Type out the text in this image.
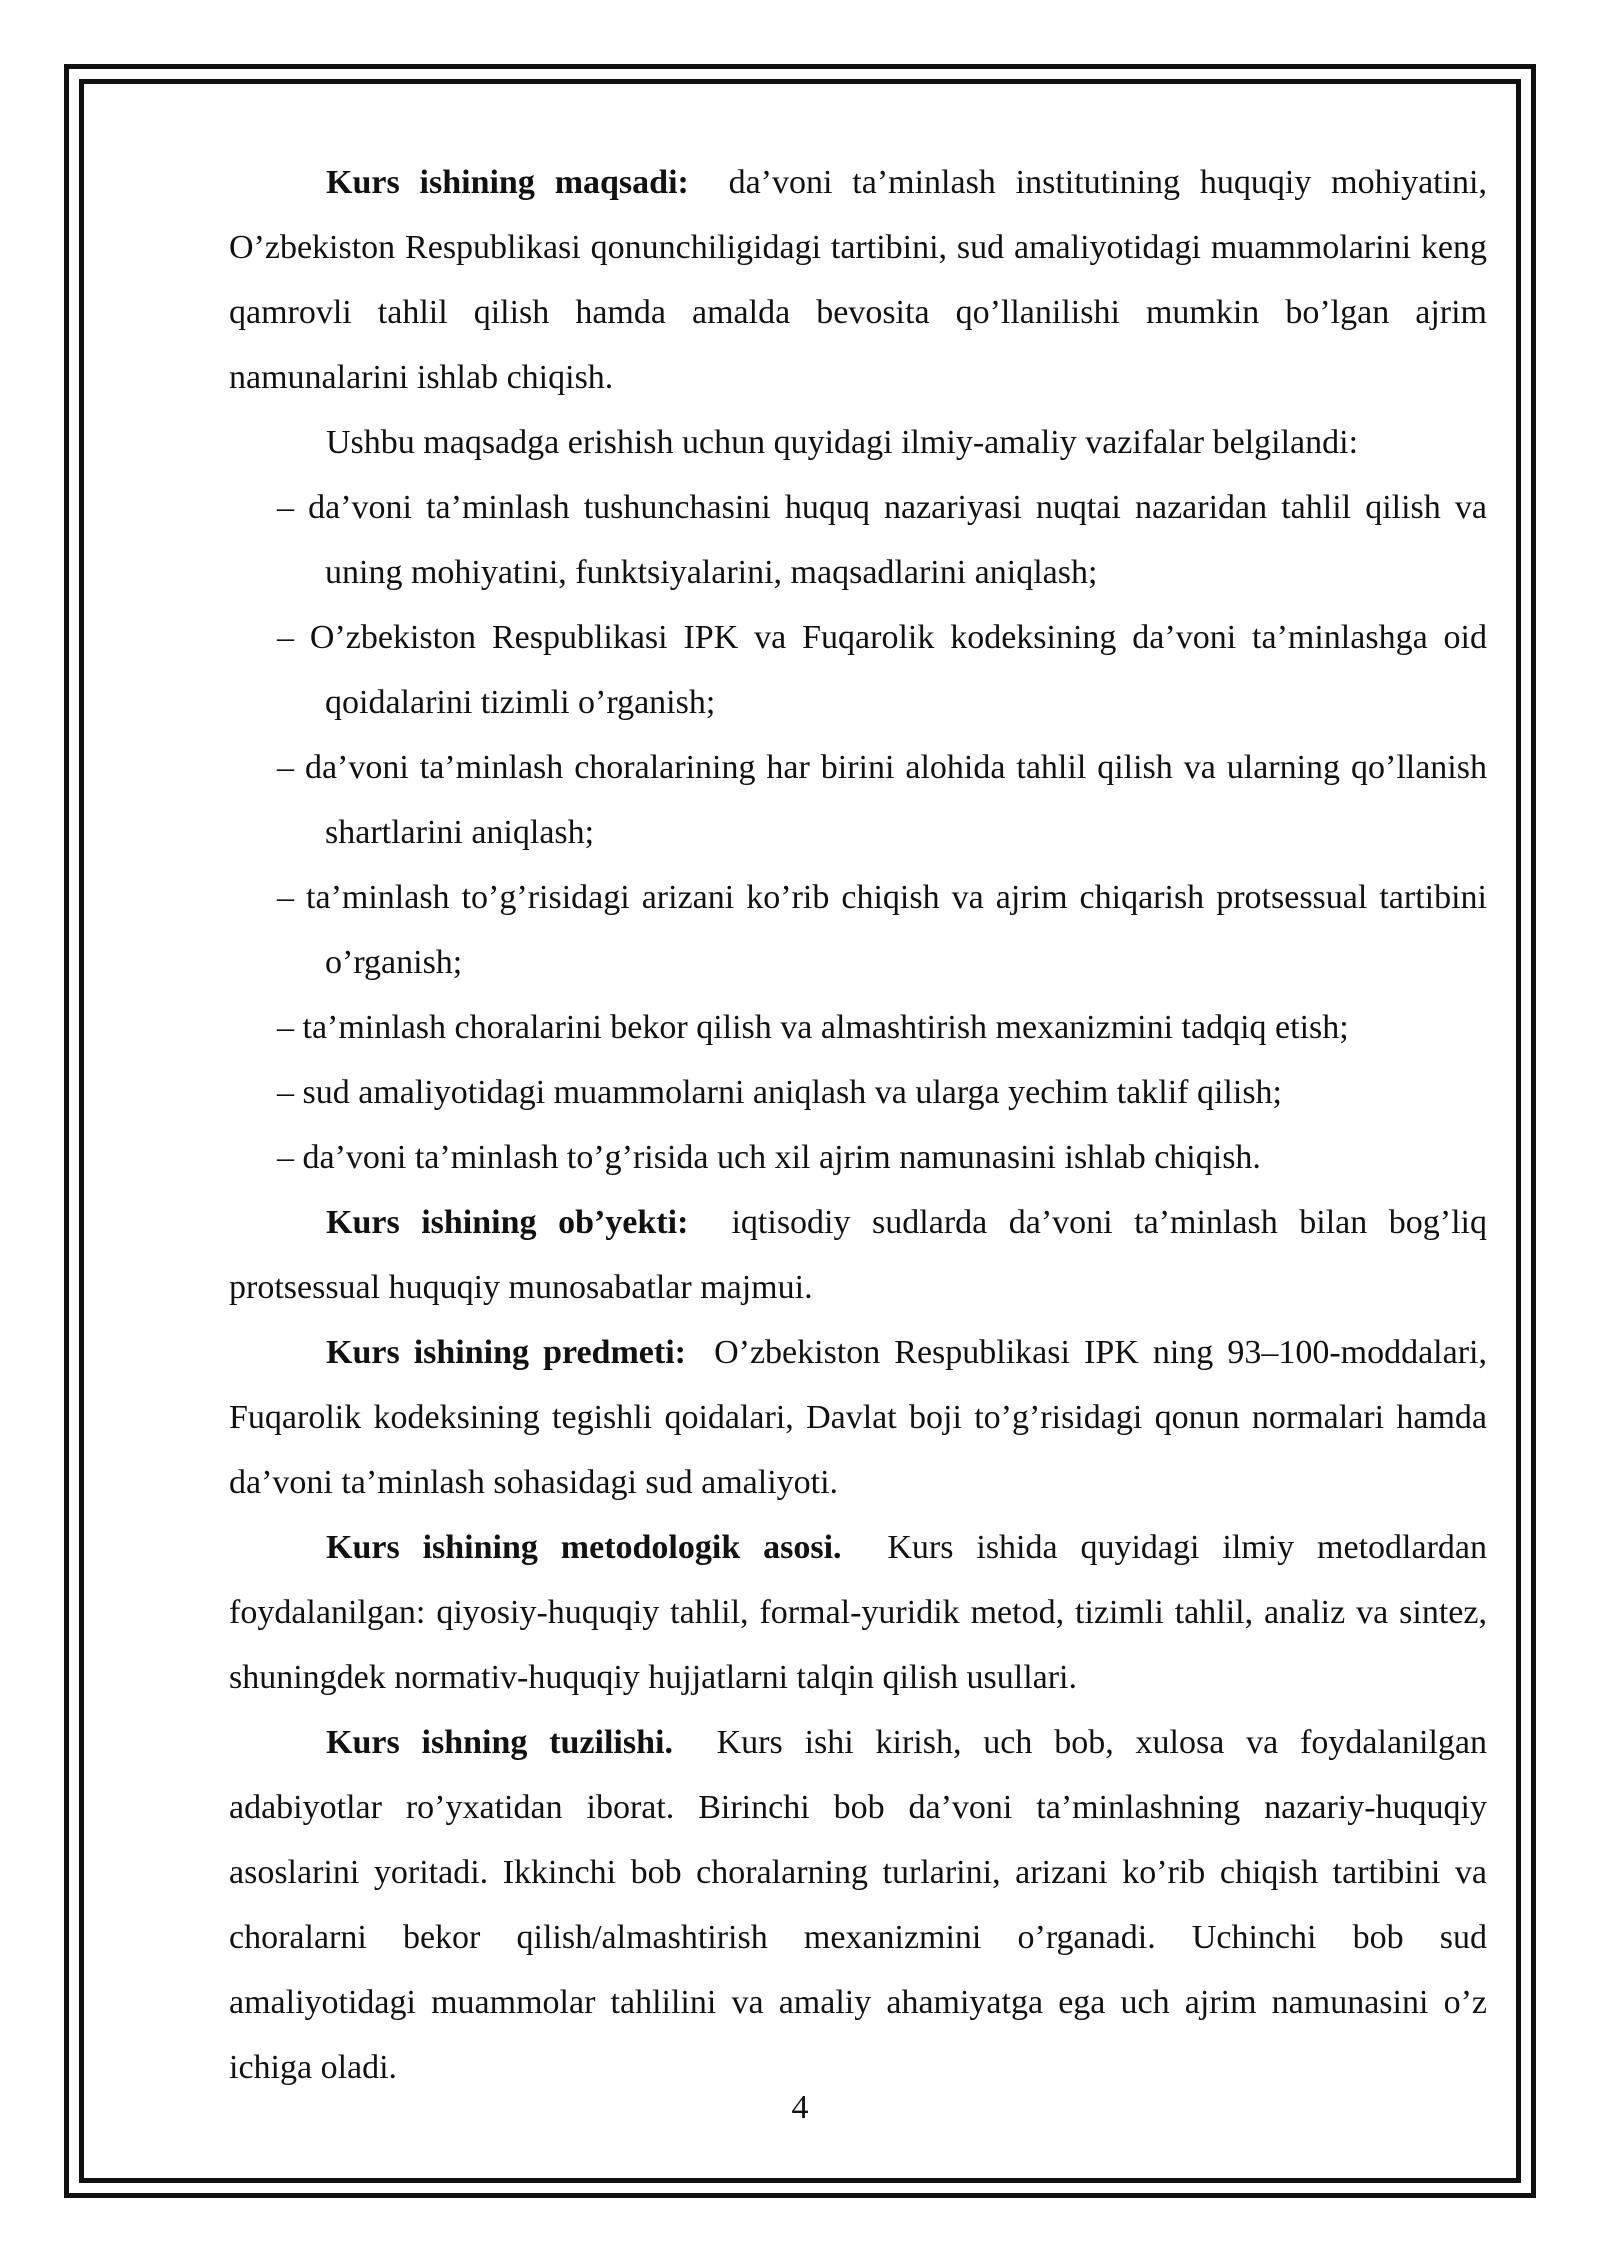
Kurs ishining maqsadi: da’voni ta’minlash institutining huquqiy mohiyatini, O’zbekiston Respublikasi qonunchiligidagi tartibini, sud amaliyotidagi muammolarini keng qamrovli tahlil qilish hamda amalda bevosita qo’llanilishi mumkin bo’lgan ajrim namunalarini ishlab chiqish.

Ushbu maqsadga erishish uchun quyidagi ilmiy-amaliy vazifalar belgilandi:

– da’voni ta’minlash tushunchasini huquq nazariyasi nuqtai nazaridan tahlil qilish va uning mohiyatini, funktsiyalarini, maqsadlarini aniqlash;
– O’zbekiston Respublikasi IPK va Fuqarolik kodeksining da’voni ta’minlashga oid qoidalarini tizimli o’rganish;
– da’voni ta’minlash choralarining har birini alohida tahlil qilish va ularning qo’llanish shartlarini aniqlash;
– ta’minlash to’g’risidagi arizani ko’rib chiqish va ajrim chiqarish protsessual tartibini o’rganish;
– ta’minlash choralarini bekor qilish va almashtirish mexanizmini tadqiq etish;
– sud amaliyotidagi muammolarni aniqlash va ularga yechim taklif qilish;
– da’voni ta’minlash to’g’risida uch xil ajrim namunasini ishlab chiqish.

Kurs ishining ob’yekti: iqtisodiy sudlarda da’voni ta’minlash bilan bog’liq protsessual huquqiy munosabatlar majmui.

Kurs ishining predmeti: O’zbekiston Respublikasi IPK ning 93–100-moddalari, Fuqarolik kodeksining tegishli qoidalari, Davlat boji to’g’risidagi qonun normalari hamda da’voni ta’minlash sohasidagi sud amaliyoti.

Kurs ishining metodologik asosi. Kurs ishida quyidagi ilmiy metodlardan foydalanilgan: qiyosiy-huquqiy tahlil, formal-yuridik metod, tizimli tahlil, analiz va sintez, shuningdek normativ-huquqiy hujjatlarni talqin qilish usullari.

Kurs ishning tuzilishi. Kurs ishi kirish, uch bob, xulosa va foydalanilgan adabiyotlar ro’yxatidan iborat. Birinchi bob da’voni ta’minlashning nazariy-huquqiy asoslarini yoritadi. Ikkinchi bob choralarning turlarini, arizani ko’rib chiqish tartibini va choralarni bekor qilish/almashtirish mexanizmini o’rganadi. Uchinchi bob sud amaliyotidagi muammolar tahlilini va amaliy ahamiyatga ega uch ajrim namunasini o’z ichiga oladi.

4
